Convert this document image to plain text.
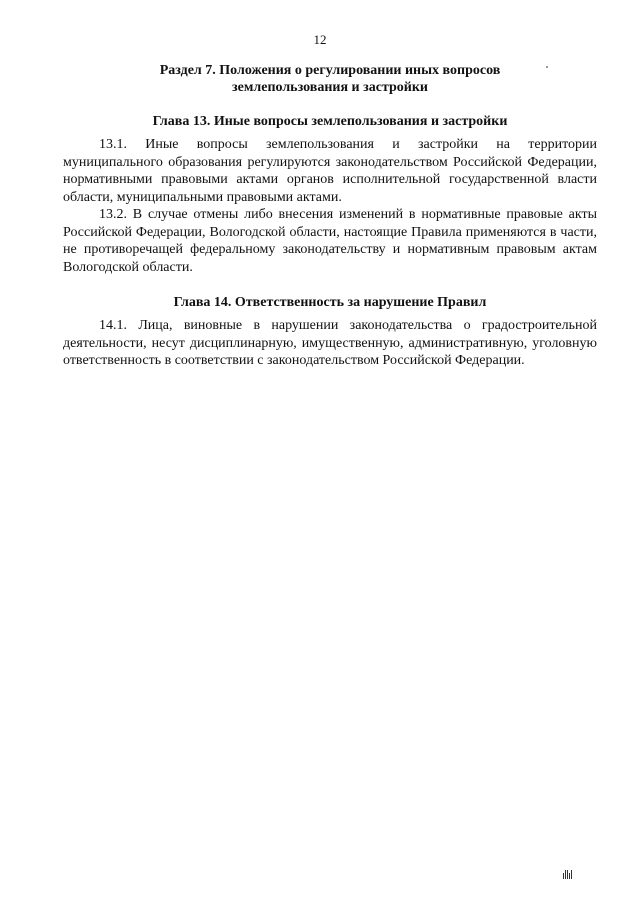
12
Раздел 7. Положения о регулировании иных вопросов
землепользования и застройки
Глава 13. Иные вопросы землепользования и застройки

13.1. Иные вопросы землепользования и застройки на территории муниципального образования регулируются законодательством Российской Федерации, нормативными правовыми актами органов исполнительной государственной власти области, муниципальными правовыми актами.

13.2. В случае отмены либо внесения изменений в нормативные правовые акты Российской Федерации, Вологодской области, настоящие Правила применяются в части, не противоречащей федеральному законодательству и нормативным правовым актам Вологодской области.

Глава 14. Ответственность за нарушение Правил

14.1. Лица, виновные в нарушении законодательства о градостроительной деятельности, несут дисциплинарную, имущественную, административную, уголовную ответственность в соответствии с законодательством Российской Федерации.
